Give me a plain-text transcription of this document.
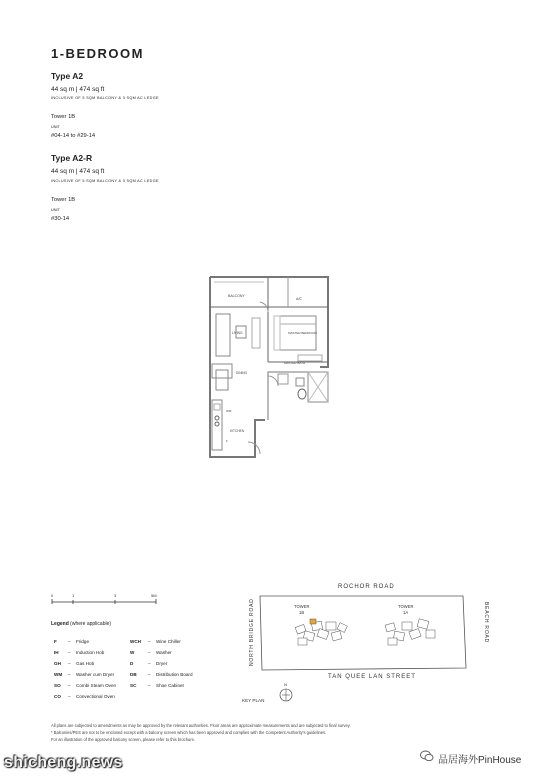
1-BEDROOM
Type A2
44 sq m | 474 sq ft
INCLUSIVE OF 5 SQM BALCONY & 3 SQM AC LEDGE
Tower 1B
UNIT
#04-14 to #29-14
Type A2-R
44 sq m | 474 sq ft
INCLUSIVE OF 5 SQM BALCONY & 3 SQM AC LEDGE
Tower 1B
UNIT
#30-14
BALCONY
A/C
LIVING	MASTER BEDROOM
DINING
MASTER BATH
KITCHEN
WM
F
0	1	3	5M
Legend (where applicable)
F	–	Fridge
IH	–	Induction Hob
GH	–	Gas Hob
WM	–	Washer cum Dryer
SO	–	Combi Steam Oven
CO	–	Convectional Oven
WCH	–	Wine Chiller
W	–	Washer
D	–	Dryer
DB	–	Distribution Board
SC	–	Shoe Cabinet
ROCHOR ROAD
TAN QUEE LAN STREET
NORTH BRIDGE ROAD	BEACH ROAD
TOWER
1B
TOWER
1A
N
KEY PLAN
All plans are subjected to amendments as may be approved by the relevant authorities. Floor areas are approximate measurements and are subjected to final survey.
* Balconies/PES are not to be enclosed except with a balcony screen which has been approved and complies with the Competent Authority's guidelines.
For an illustration of the approved balcony screen, please refer to this brochure.
shicheng.news	品居海外PinHouse
